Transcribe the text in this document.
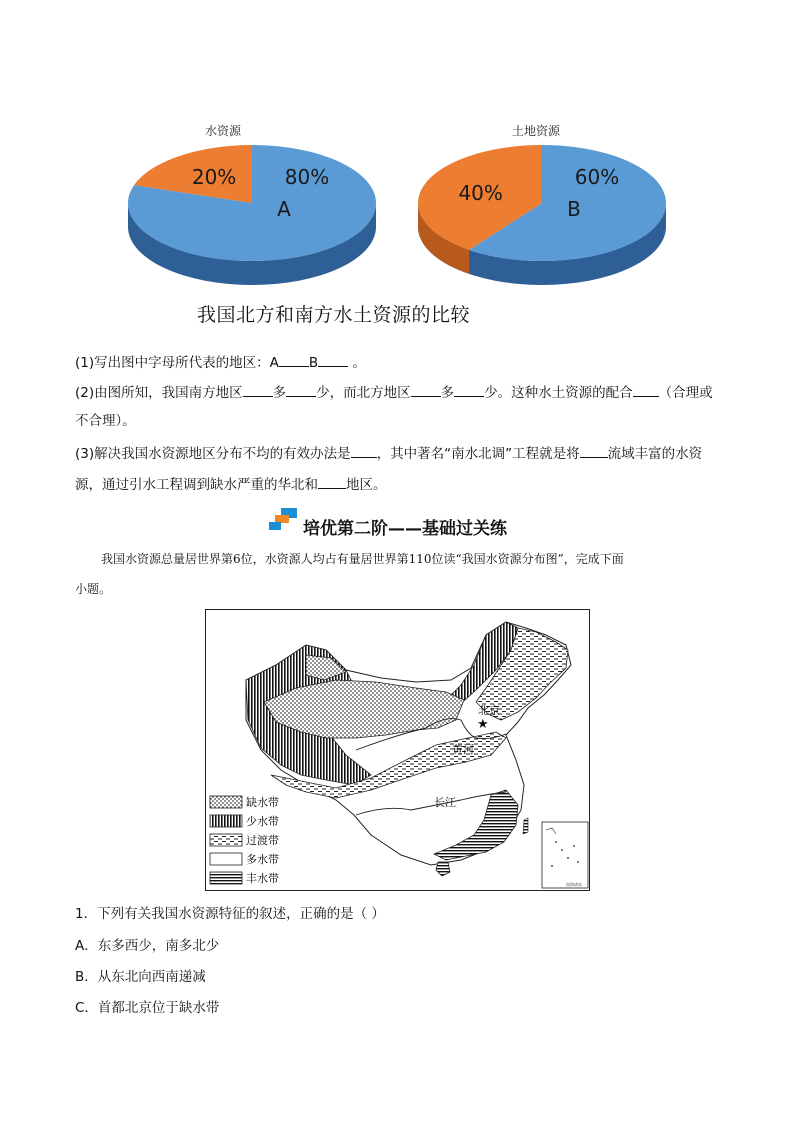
水资源	土地资源
20% 80%
A
40%
60%
B
我国北方和南方水土资源的比较
(1)写出图中字母所代表的地区：A B	。
(2)由图所知，我国南方地区 多 少，而北方地区 多 少。这种水土资源的配合 （合理或
不合理）。
(3)解决我国水资源地区分布不均的有效办法是 ，其中著名“南水北调”工程就是将 流域丰富的水资
源，通过引水工程调到缺水严重的华北和 地区。
培优第二阶——基础过关练
我国水资源总量居世界第6位，水资源人均占有量居世界第110位读“我国水资源分布图”，完成下面
小题。
★
北京
黄河
长江
缺水带
少水带
过渡带
多水带
丰水带	南海诸岛
1．下列有关我国水资源特征的叙述，正确的是（ ）
A．东多西少，南多北少
B．从东北向西南递减
C．首都北京位于缺水带
